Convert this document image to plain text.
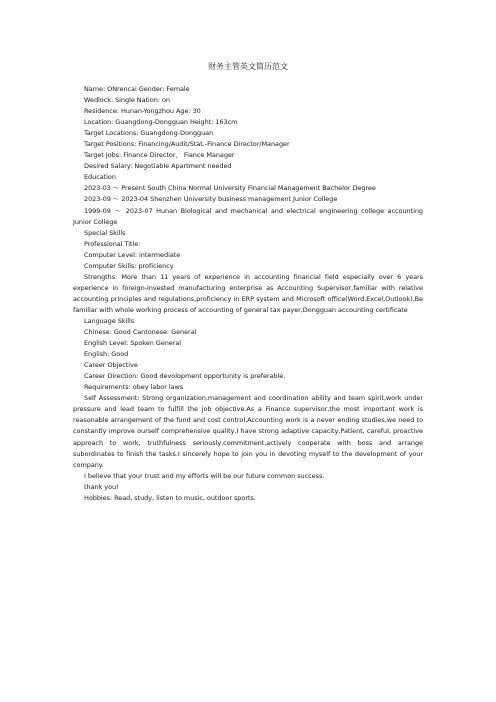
财务主管英文简历范文
Name: ONrencai Gender: Female
Wedlock: Single Nation: on
Residence: Hunan-Yongzhou Age: 30
Location: Guangdong-Dongguan Height: 163cm
Target Locations: Guangdong-Dongguan
Target Positions: Financing/Audit/Stat.-Finance Director/Manager
Target Jobs: Finance Director、 Fiance Manager
Desired Salary: Negotiable Apartment needed
Education
2023-03 ～ Present South China Normal University Financial Management Bachelor Degree
2023-09 ～ 2023-04 Shenzhen University business management Junior College
1999-09 ～ 2023-07 Hunan Biological and mechanical and electrical engineering college accounting Junior College
Special Skills
Professional Title:
Computer Level: intermediate
Computer Skills: proficiency
Strengths: More than 11 years of experience in accounting financial field especially over 6 years experience in foreign-invested manufacturing enterprise as Accounting Supervisor,familiar with relative accounting principles and regulations,proficiency in ERP system and Microsoft office(Word,Excel,Outlook),Be familiar with whole working process of accounting of general tax payer,Dongguan accounting certificate
Language Skills
Chinese: Good Cantonese: General
English Level: Spoken General
English: Good
Career Objective
Career Direction: Good devolopment opportunity is preferable.
Requirements: obey labor laws
Self Assessment: Strong organization,management and coordination ability and team spirit,work under pressure and lead team to fulfill the job objective.As a Finance supervisor,the most important work is reasonable arrangement of the fund and cost control,Accounting work is a never ending studies,we need to constantly improve ourself comprehensive quality,I have strong adaptive capacity,Patient, careful, proactive approach to work, truthfulness seriously,commitment,actively cooperate with boss and arrange subordinates to finish the tasks.I sincerely hope to join you in devoting myself to the development of your company.
I believe that your trust and my efforts will be our future common success.
thank you!
Hobbies: Read, study, listen to music, outdoor sports.
